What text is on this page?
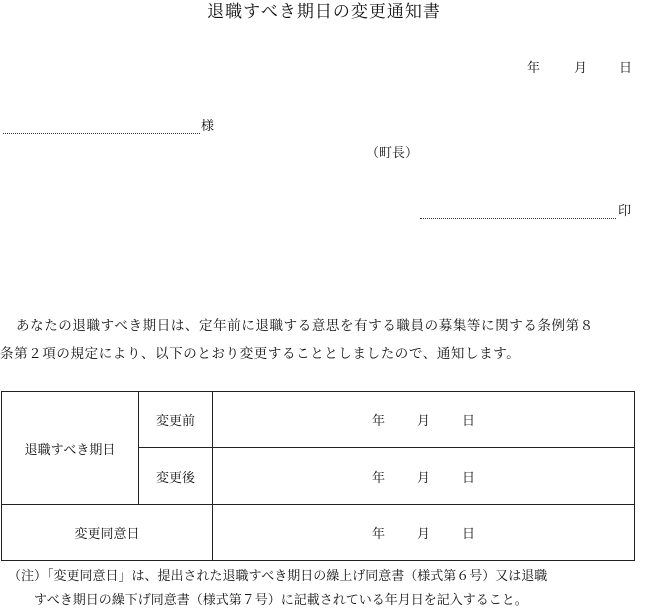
退職すべき期日の変更通知書
年	月 日
様
（町長）
印

あなたの退職すべき期日は、定年前に退職する意思を有する職員の募集等に関する条例第８

条第２項の規定により、以下のとおり変更することとしましたので、通知します。

退職すべき期日	変更前	年 月 日
	変更後	年 月 日
変更同意日		年 月 日

（注）「変更同意日」は、提出された退職すべき期日の繰上げ同意書（様式第６号）又は退職

すべき期日の繰下げ同意書（様式第７号）に記載されている年月日を記入すること。
